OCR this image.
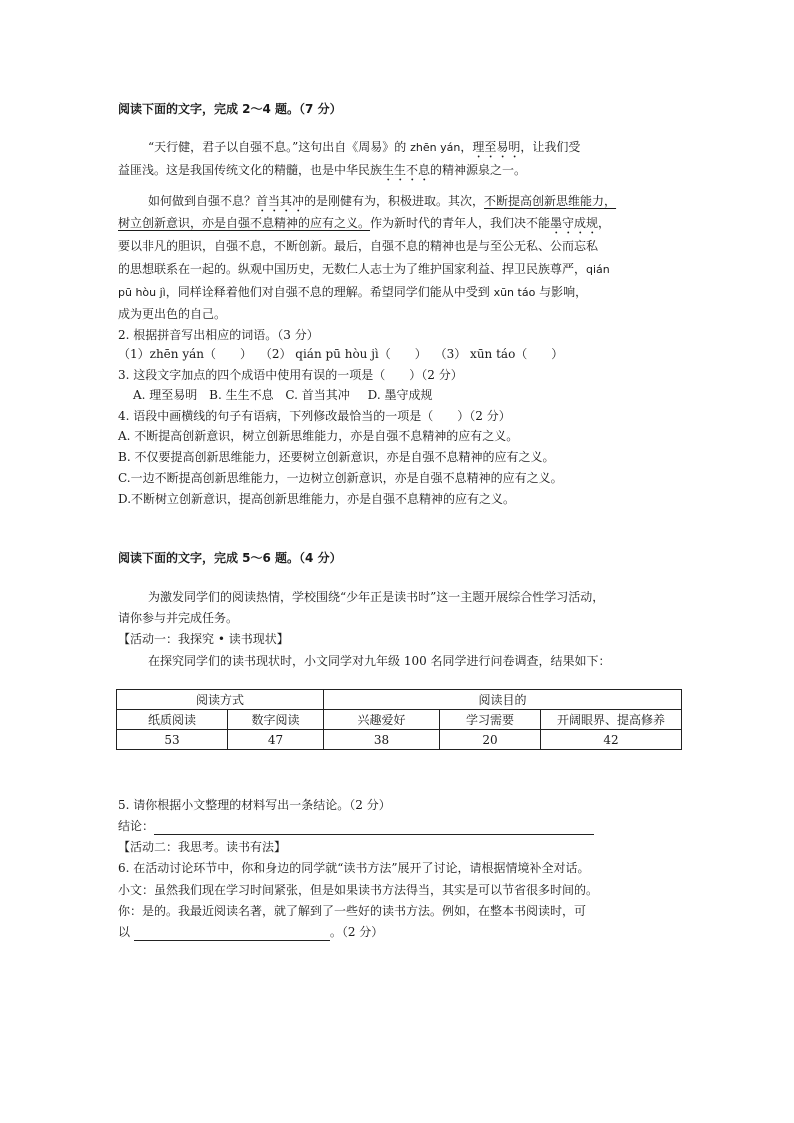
阅读下面的文字，完成 2～4 题。（7 分）
“天行健，君子以自强不息。”这句出自《周易》的 zhēn yán，理至易明，让我们受
益匪浅。这是我国传统文化的精髓，也是中华民族生生不息的精神源泉之一。
如何做到自强不息？首当其冲的是刚健有为，积极进取。其次，不断提高创新思维能力，
树立创新意识，亦是自强不息精神的应有之义。作为新时代的青年人，我们决不能墨守成规，
要以非凡的胆识，自强不息，不断创新。最后，自强不息的精神也是与至公无私、公而忘私
的思想联系在一起的。纵观中国历史，无数仁人志士为了维护国家利益、捍卫民族尊严，qián
pū hòu jì，同样诠释着他们对自强不息的理解。希望同学们能从中受到 xūn táo 与影响，
成为更出色的自己。
2. 根据拼音写出相应的词语。（3 分）
（1）zhēn yán（　　） （2） qián pū hòu jì（　　） （3） xūn táo（　　）
3. 这段文字加点的四个成语中使用有误的一项是（　　）（2 分）
A. 理至易明 B. 生生不息 C. 首当其冲 D. 墨守成规
4. 语段中画横线的句子有语病，下列修改最恰当的一项是（　　）（2 分）
A. 不断提高创新意识，树立创新思维能力，亦是自强不息精神的应有之义。
B. 不仅要提高创新思维能力，还要树立创新意识，亦是自强不息精神的应有之义。
C.一边不断提高创新思维能力，一边树立创新意识，亦是自强不息精神的应有之义。
D.不断树立创新意识，提高创新思维能力，亦是自强不息精神的应有之义。
阅读下面的文字，完成 5～6 题。（4 分）
为激发同学们的阅读热情，学校围绕“少年正是读书时”这一主题开展综合性学习活动，
请你参与并完成任务。
【活动一：我探究 • 读书现状】
在探究同学们的读书现状时，小文同学对九年级 100 名同学进行问卷调查，结果如下：
阅读方式		阅读目的		
纸质阅读	数字阅读	兴趣爱好	学习需要	开阔眼界、提高修养
53	47	38	20	42
5. 请你根据小文整理的材料写出一条结论。（2 分）
结论：
【活动二：我思考。读书有法】
6. 在活动讨论环节中，你和身边的同学就“读书方法”展开了讨论，请根据情境补全对话。
小文：虽然我们现在学习时间紧张，但是如果读书方法得当，其实是可以节省很多时间的。
你：是的。我最近阅读名著，就了解到了一些好的读书方法。例如，在整本书阅读时，可
以	。（2 分）
